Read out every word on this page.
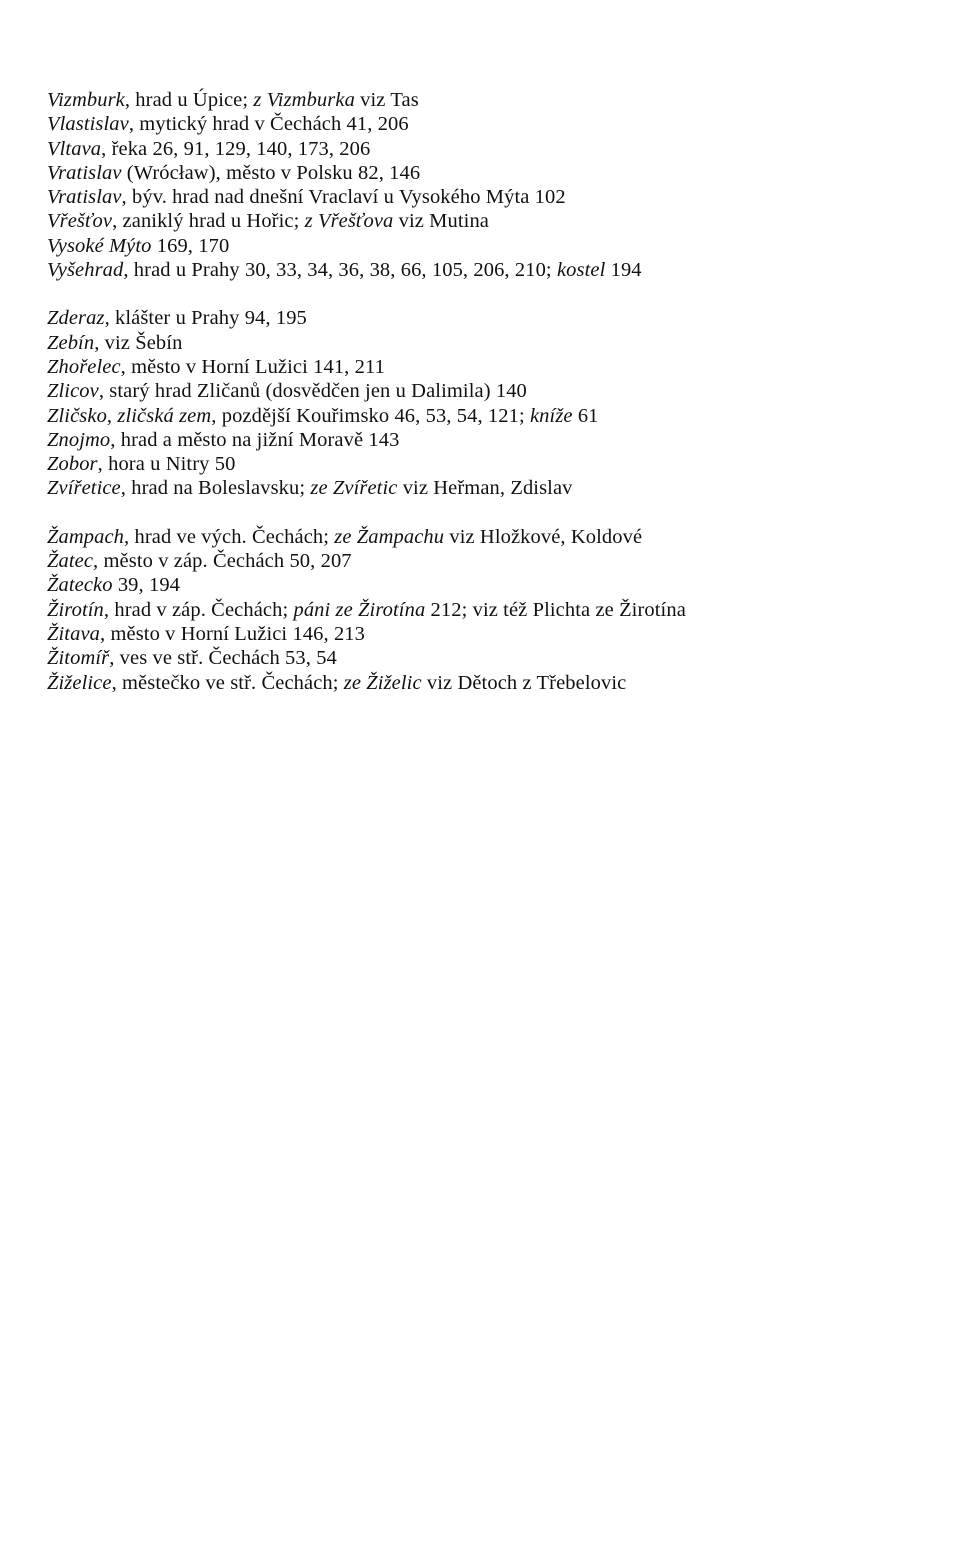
Vizmburk, hrad u Úpice; z Vizmburka viz Tas
Vlastislav, mytický hrad v Čechách 41, 206
Vltava, řeka 26, 91, 129, 140, 173, 206
Vratislav (Wrócław), město v Polsku 82, 146
Vratislav, býv. hrad nad dnešní Vraclaví u Vysokého Mýta 102
Vřešťov, zaniklý hrad u Hořic; z Vřešťova viz Mutina
Vysoké Mýto 169, 170
Vyšehrad, hrad u Prahy 30, 33, 34, 36, 38, 66, 105, 206, 210; kostel 194
Zderaz, klášter u Prahy 94, 195
Zebín, viz Šebín
Zhořelec, město v Horní Lužici 141, 211
Zlicov, starý hrad Zličanů (dosvědčen jen u Dalimila) 140
Zličsko, zličská zem, pozdější Kouřimsko 46, 53, 54, 121; kníže 61
Znojmo, hrad a město na jižní Moravě 143
Zobor, hora u Nitry 50
Zvířetice, hrad na Boleslavsku; ze Zvířetic viz Heřman, Zdislav
Žampach, hrad ve vých. Čechách; ze Žampachu viz Hložkové, Koldové
Žatec, město v záp. Čechách 50, 207
Žatecko 39, 194
Žirotín, hrad v záp. Čechách; páni ze Žirotína 212; viz též Plichta ze Žirotína
Žitava, město v Horní Lužici 146, 213
Žitomíř, ves ve stř. Čechách 53, 54
Žiželice, městečko ve stř. Čechách; ze Žiželic viz Dětoch z Třebelovic
